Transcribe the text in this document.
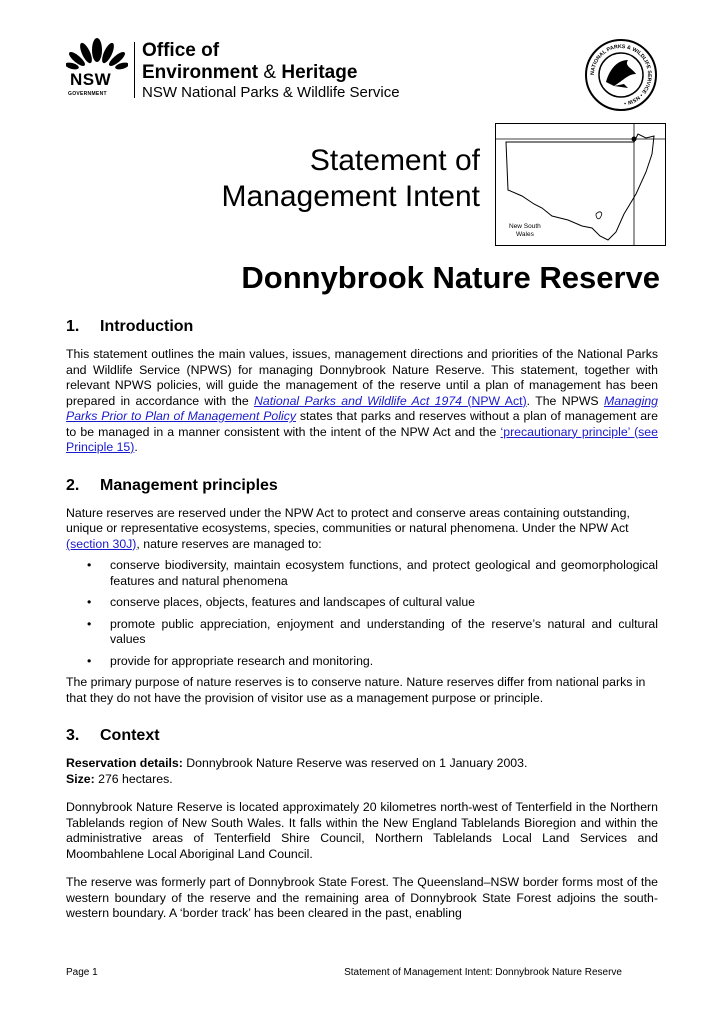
NSW
GOVERNMENT
Office of
Environment & Heritage
NSW National Parks & Wildlife Service
NATIONAL PARKS & WILDLIFE SERVICE • NSW •
Statement of
Management Intent
New South
Wales
Donnybrook Nature Reserve
1. Introduction

This statement outlines the main values, issues, management directions and priorities of the National Parks and Wildlife Service (NPWS) for managing Donnybrook Nature Reserve. This statement, together with relevant NPWS policies, will guide the management of the reserve until a plan of management has been prepared in accordance with the National Parks and Wildlife Act 1974 (NPW Act). The NPWS Managing Parks Prior to Plan of Management Policy states that parks and reserves without a plan of management are to be managed in a manner consistent with the intent of the NPW Act and the ‘precautionary principle’ (see Principle 15).

2. Management principles

Nature reserves are reserved under the NPW Act to protect and conserve areas containing outstanding, unique or representative ecosystems, species, communities or natural phenomena. Under the NPW Act (section 30J), nature reserves are managed to:

• conserve biodiversity, maintain ecosystem functions, and protect geological and geomorphological features and natural phenomena
• conserve places, objects, features and landscapes of cultural value
• promote public appreciation, enjoyment and understanding of the reserve’s natural and cultural values
• provide for appropriate research and monitoring.

The primary purpose of nature reserves is to conserve nature. Nature reserves differ from national parks in that they do not have the provision of visitor use as a management purpose or principle.

3. Context

Reservation details: Donnybrook Nature Reserve was reserved on 1 January 2003.

Size: 276 hectares.

Donnybrook Nature Reserve is located approximately 20 kilometres north-west of Tenterfield in the Northern Tablelands region of New South Wales. It falls within the New England Tablelands Bioregion and within the administrative areas of Tenterfield Shire Council, Northern Tablelands Local Land Services and Moombahlene Local Aboriginal Land Council.

The reserve was formerly part of Donnybrook State Forest. The Queensland–NSW border forms most of the western boundary of the reserve and the remaining area of Donnybrook State Forest adjoins the south-western boundary. A ‘border track’ has been cleared in the past, enabling

Page 1	Statement of Management Intent: Donnybrook Nature Reserve
